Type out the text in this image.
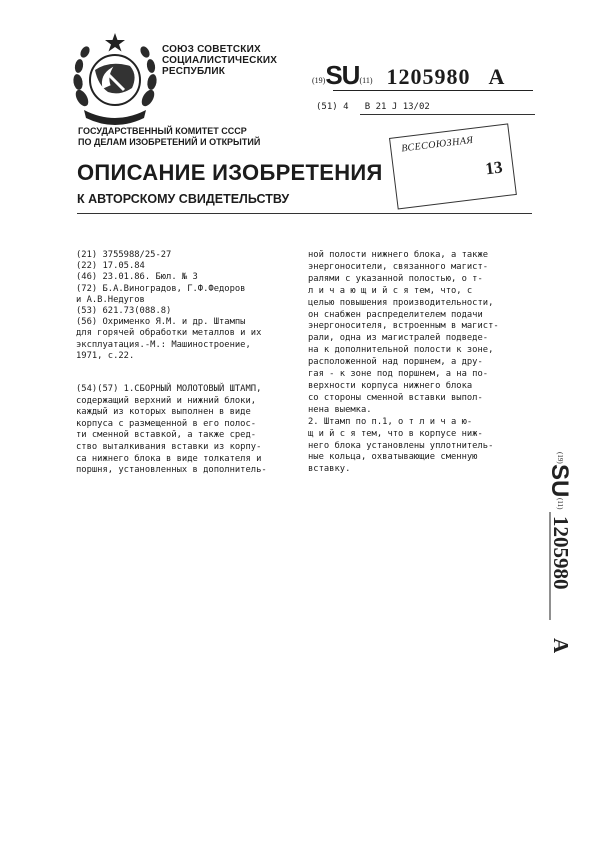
СОЮЗ СОВЕТСКИХ
СОЦИАЛИСТИЧЕСКИХ
РЕСПУБЛИК
(19)SU(11) 1205980 A
(51) 4 B 21 J 13/02
ГОСУДАРСТВЕННЫЙ КОМИТЕТ СССР
ПО ДЕЛАМ ИЗОБРЕТЕНИЙ И ОТКРЫТИЙ	ВСЕСОЮЗНАЯ
13
ОПИСАНИЕ ИЗОБРЕТЕНИЯ
К АВТОРСКОМУ СВИДЕТЕЛЬСТВУ
(21) 3755988/25-27
(22) 17.05.84
(46) 23.01.86. Бюл. № 3
(72) Б.А.Виноградов, Г.Ф.Федоров
и А.В.Недугов
(53) 621.73(088.8)
(56) Охрименко Я.М. и др. Штампы
для горячей обработки металлов и их
эксплуатация.-М.: Машиностроение,
1971, с.22.
(54)(57) 1.СБОРНЫЙ МОЛОТОВЫЙ ШТАМП,
содержащий верхний и нижний блоки,
каждый из которых выполнен в виде
корпуса с размещенной в его полос-
ти сменной вставкой, а также сред-
ство выталкивания вставки из корпу-
са нижнего блока в виде толкателя и
поршня, установленных в дополнитель-
ной полости нижнего блока, а также
энергоносители, связанного магист-
ралями с указанной полостью, о т-
л и ч а ю щ и й с я тем, что, с
целью повышения производительности,
он снабжен распределителем подачи
энергоносителя, встроенным в магист-
рали, одна из магистралей подведе-
на к дополнительной полости к зоне,
расположенной над поршнем, а дру-
гая - к зоне под поршнем, а на по-
верхности корпуса нижнего блока
со стороны сменной вставки выпол-
нена выемка.
2. Штамп по п.1, о т л и ч а ю-
щ и й с я тем, что в корпусе ниж-
него блока установлены уплотнитель-
ные кольца, охватывающие сменную
вставку.
(19)
SU
(11)
1205980
A
